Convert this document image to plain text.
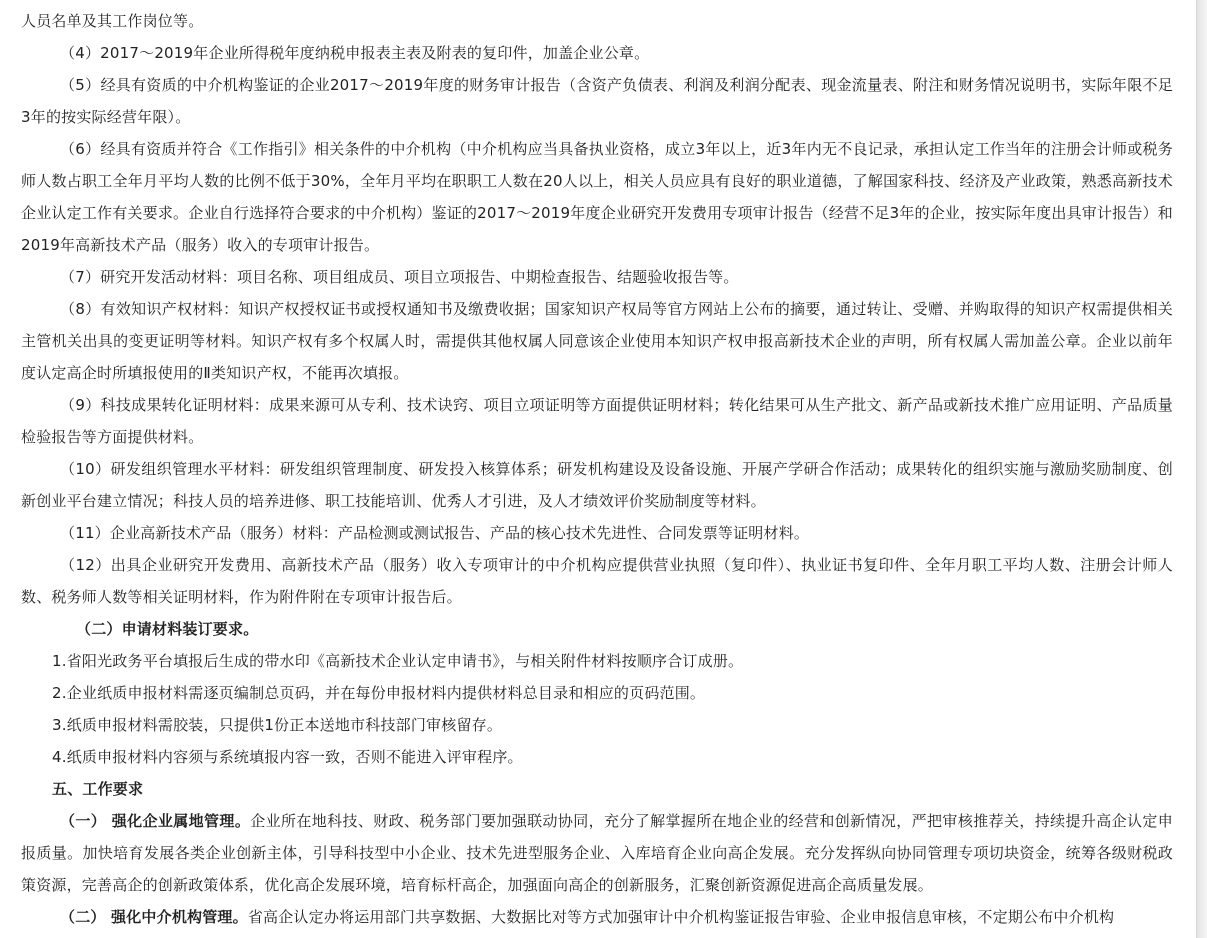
人员名单及其工作岗位等。

（4）2017～2019年企业所得税年度纳税申报表主表及附表的复印件，加盖企业公章。

（5）经具有资质的中介机构鉴证的企业2017～2019年度的财务审计报告（含资产负债表、利润及利润分配表、现金流量表、附注和财务情况说明书，实际年限不足3年的按实际经营年限）。

（6）经具有资质并符合《工作指引》相关条件的中介机构（中介机构应当具备执业资格，成立3年以上，近3年内无不良记录，承担认定工作当年的注册会计师或税务师人数占职工全年月平均人数的比例不低于30%，全年月平均在职职工人数在20人以上，相关人员应具有良好的职业道德，了解国家科技、经济及产业政策，熟悉高新技术企业认定工作有关要求。企业自行选择符合要求的中介机构）鉴证的2017～2019年度企业研究开发费用专项审计报告（经营不足3年的企业，按实际年度出具审计报告）和2019年高新技术产品（服务）收入的专项审计报告。

（7）研究开发活动材料：项目名称、项目组成员、项目立项报告、中期检查报告、结题验收报告等。

（8）有效知识产权材料：知识产权授权证书或授权通知书及缴费收据；国家知识产权局等官方网站上公布的摘要，通过转让、受赠、并购取得的知识产权需提供相关主管机关出具的变更证明等材料。知识产权有多个权属人时，需提供其他权属人同意该企业使用本知识产权申报高新技术企业的声明，所有权属人需加盖公章。企业以前年度认定高企时所填报使用的Ⅱ类知识产权，不能再次填报。

（9）科技成果转化证明材料：成果来源可从专利、技术诀窍、项目立项证明等方面提供证明材料；转化结果可从生产批文、新产品或新技术推广应用证明、产品质量检验报告等方面提供材料。

（10）研发组织管理水平材料：研发组织管理制度、研发投入核算体系；研发机构建设及设备设施、开展产学研合作活动；成果转化的组织实施与激励奖励制度、创新创业平台建立情况；科技人员的培养进修、职工技能培训、优秀人才引进，及人才绩效评价奖励制度等材料。

（11）企业高新技术产品（服务）材料：产品检测或测试报告、产品的核心技术先进性、合同发票等证明材料。

（12）出具企业研究开发费用、高新技术产品（服务）收入专项审计的中介机构应提供营业执照（复印件）、执业证书复印件、全年月职工平均人数、注册会计师人数、税务师人数等相关证明材料，作为附件附在专项审计报告后。

（二）申请材料装订要求。

1.省阳光政务平台填报后生成的带水印《高新技术企业认定申请书》，与相关附件材料按顺序合订成册。

2.企业纸质申报材料需逐页编制总页码，并在每份申报材料内提供材料总目录和相应的页码范围。

3.纸质申报材料需胶装，只提供1份正本送地市科技部门审核留存。

4.纸质申报材料内容须与系统填报内容一致，否则不能进入评审程序。

五、工作要求

（一） 强化企业属地管理。企业所在地科技、财政、税务部门要加强联动协同，充分了解掌握所在地企业的经营和创新情况，严把审核推荐关，持续提升高企认定申报质量。加快培育发展各类企业创新主体，引导科技型中小企业、技术先进型服务企业、入库培育企业向高企发展。充分发挥纵向协同管理专项切块资金，统筹各级财税政策资源，完善高企的创新政策体系，优化高企发展环境，培育标杆高企，加强面向高企的创新服务，汇聚创新资源促进高企高质量发展。

（二） 强化中介机构管理。省高企认定办将运用部门共享数据、大数据比对等方式加强审计中介机构鉴证报告审验、企业申报信息审核，不定期公布中介机构
